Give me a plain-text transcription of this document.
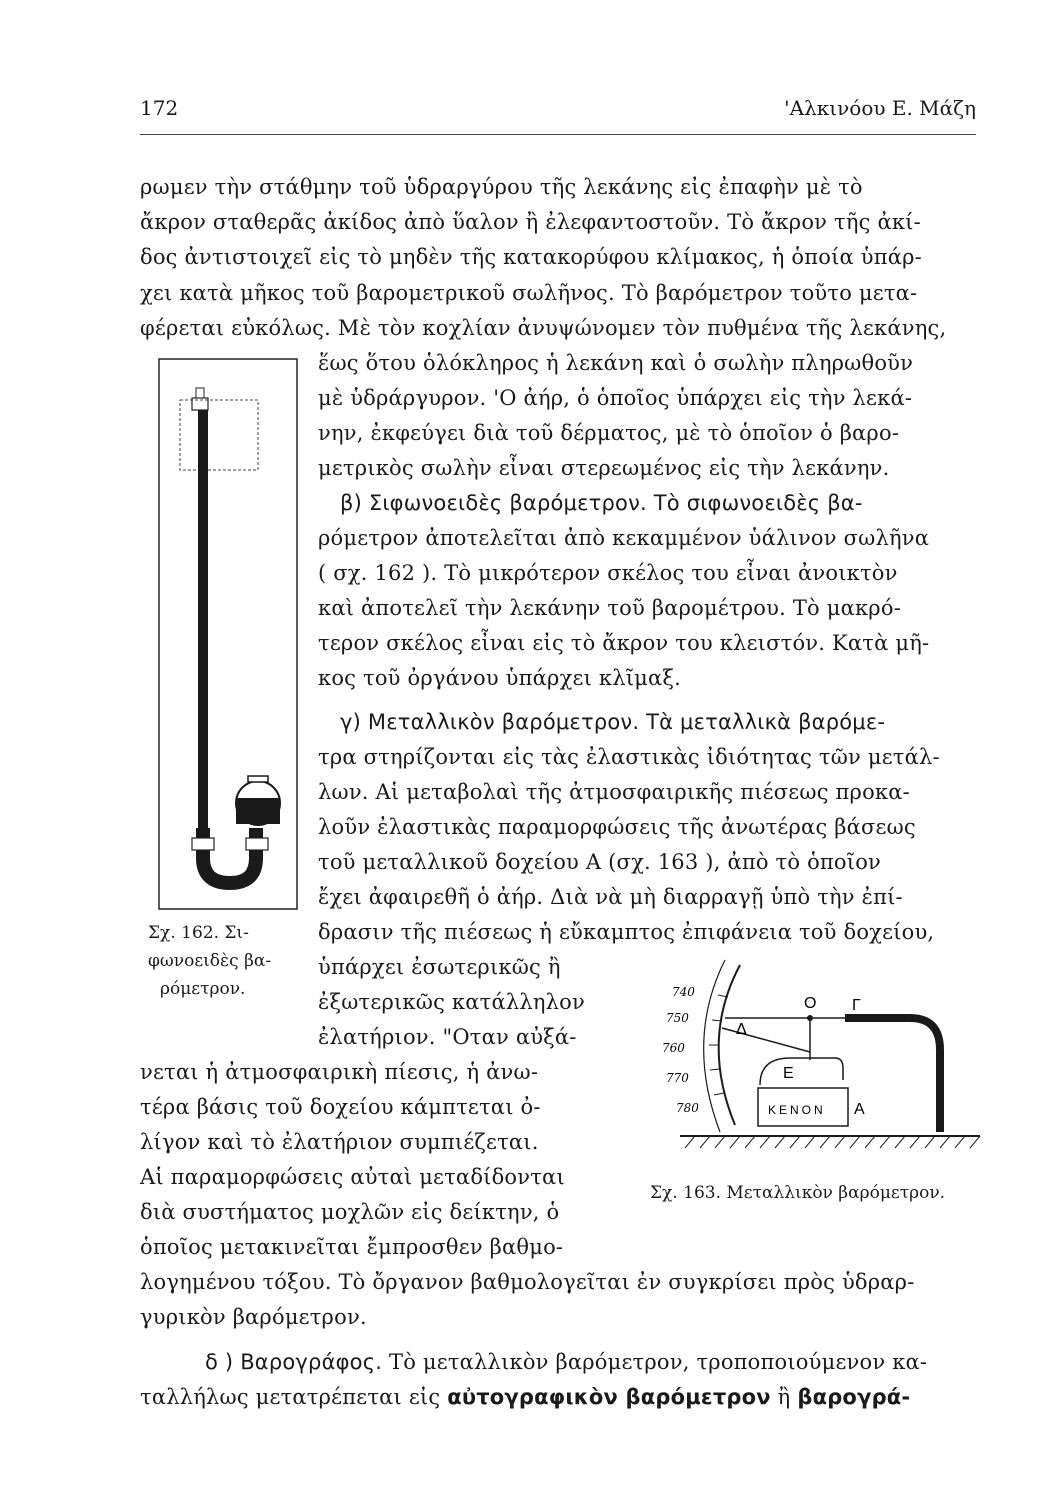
172	'Αλκινόου Ε. Μάζη
ρωμεν τὴν στάθμην τοῦ ὑδραργύρου τῆς λεκάνης εἰς ἐπαφὴν μὲ τὸ
ἄκρον σταθερᾶς ἀκίδος ἀπὸ ὕαλον ἢ ἐλεφαντοστοῦν. Τὸ ἄκρον τῆς ἀκί-
δος ἀντιστοιχεῖ εἰς τὸ μηδὲν τῆς κατακορύφου κλίμακος, ἡ ὁποία ὑπάρ-
χει κατὰ μῆκος τοῦ βαρομετρικοῦ σωλῆνος. Τὸ βαρόμετρον τοῦτο μετα-
φέρεται εὐκόλως. Μὲ τὸν κοχλίαν ἀνυψώνομεν τὸν πυθμένα τῆς λεκάνης,
ἕως ὅτου ὁλόκληρος ἡ λεκάνη καὶ ὁ σωλὴν πληρωθοῦν
μὲ ὑδράργυρον. 'Ο ἀήρ, ὁ ὁποῖος ὑπάρχει εἰς τὴν λεκά-
νην, ἐκφεύγει διὰ τοῦ δέρματος, μὲ τὸ ὁποῖον ὁ βαρο-
μετρικὸς σωλὴν εἶναι στερεωμένος εἰς τὴν λεκάνην.
β) Σιφωνοειδὲς βαρόμετρον. Τὸ σιφωνοειδὲς βα-
ρόμετρον ἀποτελεῖται ἀπὸ κεκαμμένον ὑάλινον σωλῆνα
( σχ. 162 ). Τὸ μικρότερον σκέλος του εἶναι ἀνοικτὸν
καὶ ἀποτελεῖ τὴν λεκάνην τοῦ βαρομέτρου. Τὸ μακρό-
τερον σκέλος εἶναι εἰς τὸ ἄκρον του κλειστόν. Κατὰ μῆ-
κος τοῦ ὀργάνου ὑπάρχει κλῖμαξ.
γ) Μεταλλικὸν βαρόμετρον. Τὰ μεταλλικὰ βαρόμε-
τρα στηρίζονται εἰς τὰς ἐλαστικὰς ἰδιότητας τῶν μετάλ-
λων. Αἱ μεταβολαὶ τῆς ἀτμοσφαιρικῆς πιέσεως προκα-
λοῦν ἐλαστικὰς παραμορφώσεις τῆς ἀνωτέρας βάσεως
τοῦ μεταλλικοῦ δοχείου Α (σχ. 163 ), ἀπὸ τὸ ὁποῖον
ἔχει ἀφαιρεθῆ ὁ ἀήρ. Διὰ νὰ μὴ διαρραγῇ ὑπὸ τὴν ἐπί-
δρασιν τῆς πιέσεως ἡ εὔκαμπτος ἐπιφάνεια τοῦ δοχείου,
ὑπάρχει ἐσωτερικῶς ἢ
ἐξωτερικῶς κατάλληλον
ἐλατήριον. "Οταν αὐξά-
νεται ἡ ἀτμοσφαιρικὴ πίεσις, ἡ ἀνω-
τέρα βάσις τοῦ δοχείου κάμπτεται ὀ-
λίγον καὶ τὸ ἐλατήριον συμπιέζεται.
Αἱ παραμορφώσεις αὐταὶ μεταδίδονται
διὰ συστήματος μοχλῶν εἰς δείκτην, ὁ
ὁποῖος μετακινεῖται ἔμπροσθεν βαθμο-
λογημένου τόξου. Τὸ ὄργανον βαθμολογεῖται ἐν συγκρίσει πρὸς ὑδραρ-
γυρικὸν βαρόμετρον.
δ ) Βαρογράφος. Τὸ μεταλλικὸν βαρόμετρον, τροποποιούμενον κα-
ταλλήλως μετατρέπεται εἰς αὐτογραφικὸν βαρόμετρον ἢ βαρογρά-
Σχ. 162. Σι-
φωνοειδὲς βα-
ρόμετρον.	740
750
760
770
780
Δ
Ο Γ
Ε
ΚΕΝΟΝ Α
Σχ. 163. Μεταλλικὸν βαρόμετρον.
